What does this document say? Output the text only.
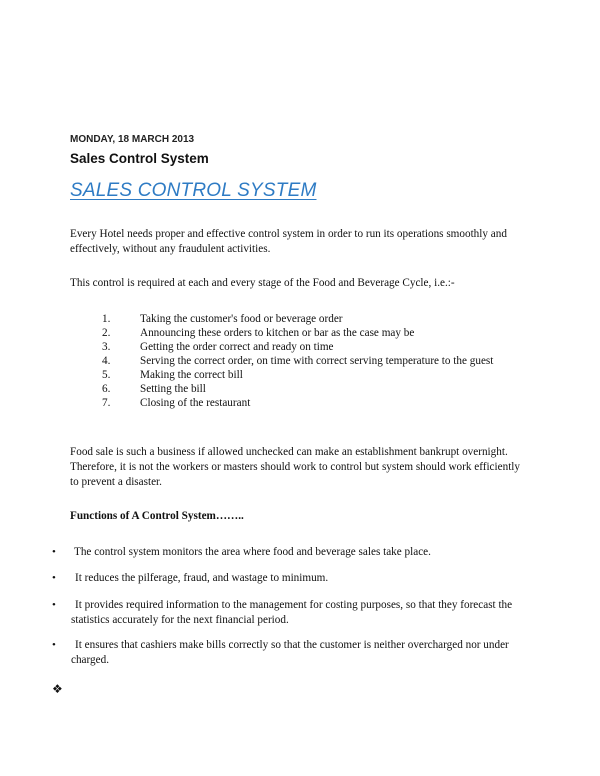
MONDAY, 18 MARCH 2013
Sales Control System
SALES CONTROL SYSTEM
Every Hotel needs proper and effective control system in order to run its operations smoothly and effectively, without any fraudulent activities.
This control is required at each and every stage of the Food and Beverage Cycle, i.e.:-
1.	Taking the customer's food or beverage order
2.	Announcing these orders to kitchen or bar as the case may be
3.	Getting the order correct and ready on time
4.	Serving the correct order, on time with correct serving temperature to the guest
5.	Making the correct bill
6.	Setting the bill
7.	Closing of the restaurant
Food sale is such a business if allowed unchecked can make an establishment bankrupt overnight. Therefore, it is not the workers or masters should work to control but system should work efficiently to prevent a disaster.
Functions of A Control System……..
• The control system monitors the area where food and beverage sales take place.
•	It reduces the pilferage, fraud, and wastage to minimum.
•	It provides required information to the management for costing purposes, so that they forecast the statistics accurately for the next financial period.
•	It ensures that cashiers make bills correctly so that the customer is neither overcharged nor under charged.
❖
